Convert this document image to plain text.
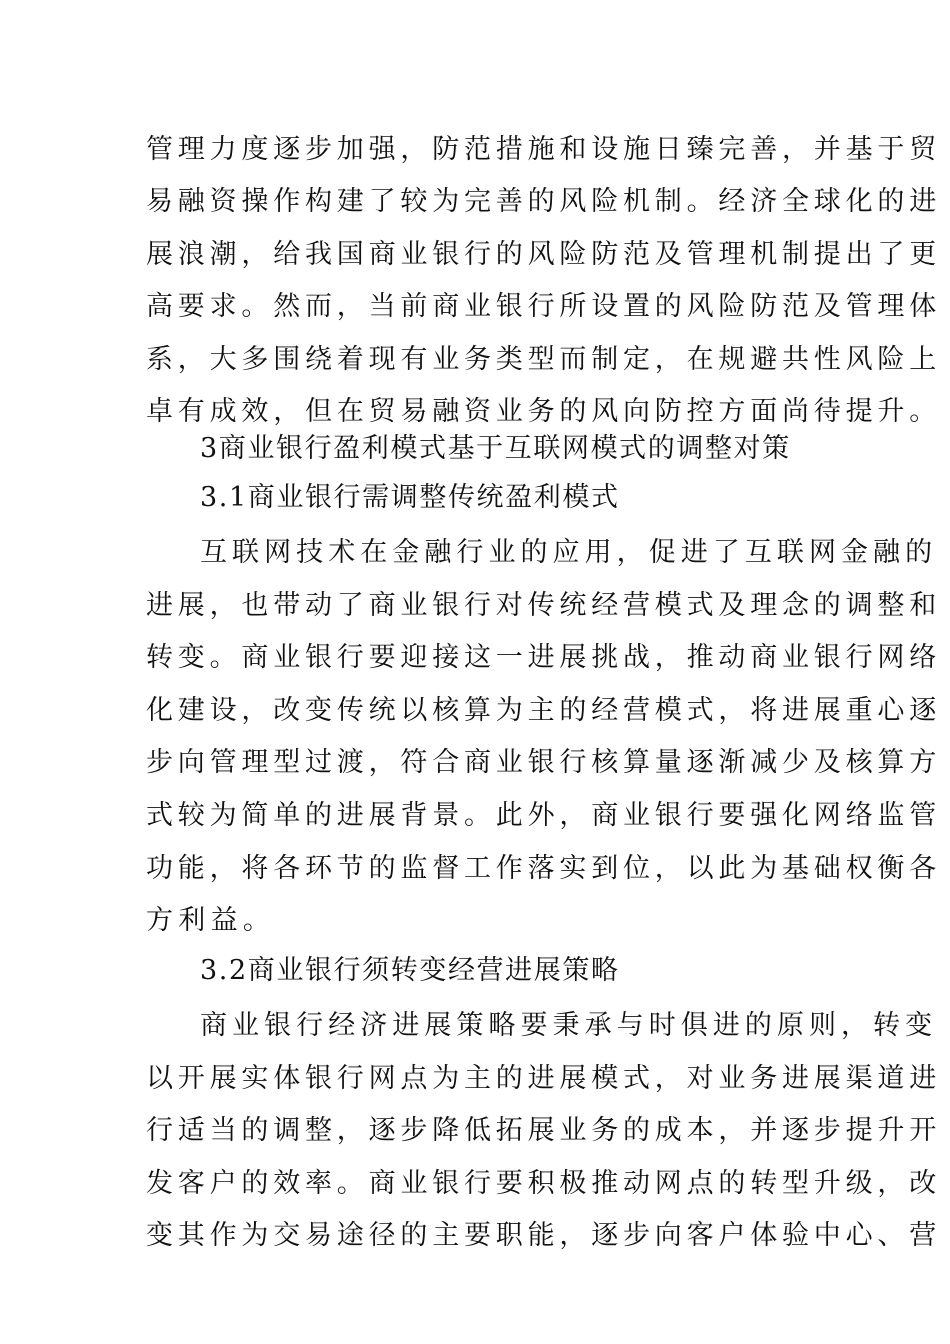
管理力度逐步加强，防范措施和设施日臻完善，并基于贸
易融资操作构建了较为完善的风险机制。经济全球化的进
展浪潮，给我国商业银行的风险防范及管理机制提出了更
高要求。然而，当前商业银行所设置的风险防范及管理体
系，大多围绕着现有业务类型而制定，在规避共性风险上
卓有成效，但在贸易融资业务的风向防控方面尚待提升。
3商业银行盈利模式基于互联网模式的调整对策
3.1商业银行需调整传统盈利模式
互联网技术在金融行业的应用，促进了互联网金融的
进展，也带动了商业银行对传统经营模式及理念的调整和
转变。商业银行要迎接这一进展挑战，推动商业银行网络
化建设，改变传统以核算为主的经营模式，将进展重心逐
步向管理型过渡，符合商业银行核算量逐渐减少及核算方
式较为简单的进展背景。此外，商业银行要强化网络监管
功能，将各环节的监督工作落实到位，以此为基础权衡各
方利益。
3.2商业银行须转变经营进展策略
商业银行经济进展策略要秉承与时俱进的原则，转变
以开展实体银行网点为主的进展模式，对业务进展渠道进
行适当的调整，逐步降低拓展业务的成本，并逐步提升开
发客户的效率。商业银行要积极推动网点的转型升级，改
变其作为交易途径的主要职能，逐步向客户体验中心、营
